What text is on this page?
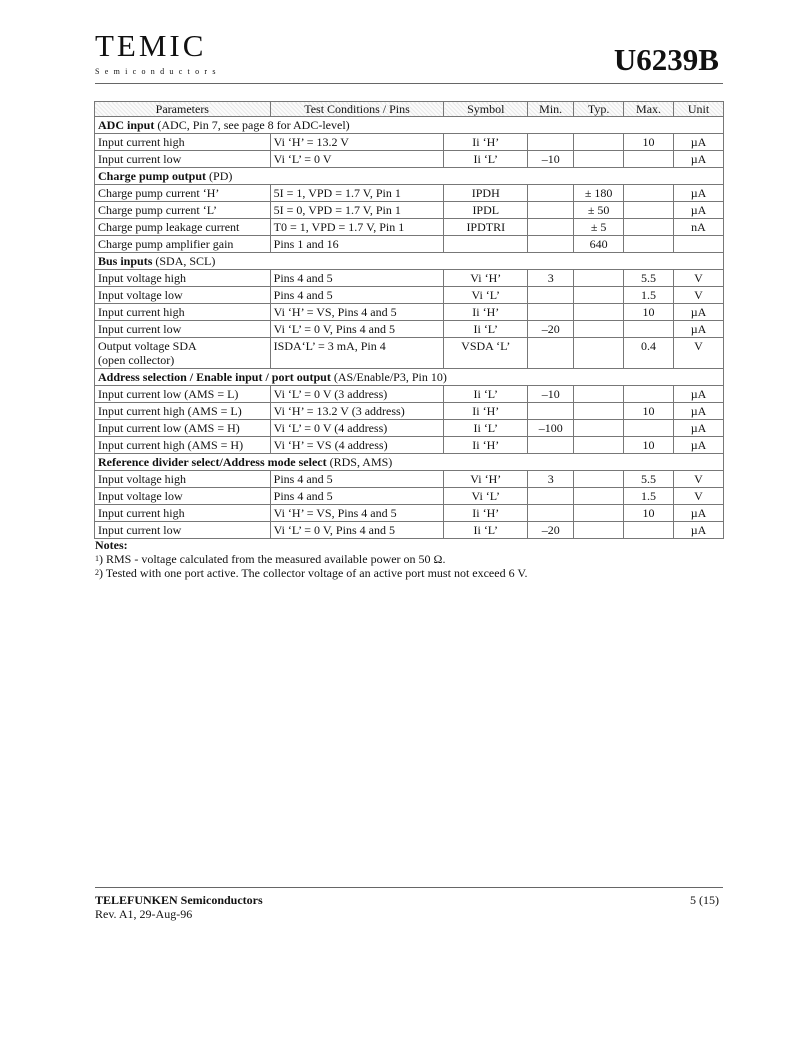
TEMIC
Semiconductors	U6239B
Parameters	Test Conditions / Pins	Symbol	Min.	Typ.	Max.	Unit
ADC input (ADC, Pin 7, see page 8 for ADC-level)						
Input current high	Vi ‘H’ = 13.2 V	Ii ‘H’			10	µA
Input current low	Vi ‘L’ = 0 V	Ii ‘L’	–10			µA
Charge pump output (PD)						
Charge pump current ‘H’	5I = 1, VPD = 1.7 V, Pin 1	IPDH		± 180		µA
Charge pump current ‘L’	5I = 0, VPD = 1.7 V, Pin 1	IPDL		± 50		µA
Charge pump leakage current	T0 = 1, VPD = 1.7 V, Pin 1	IPDTRI		± 5		nA
Charge pump amplifier gain	Pins 1 and 16			640		
Bus inputs (SDA, SCL)						
Input voltage high	Pins 4 and 5	Vi ‘H’	3		5.5	V
Input voltage low	Pins 4 and 5	Vi ‘L’			1.5	V
Input current high	Vi ‘H’ = VS, Pins 4 and 5	Ii ‘H’			10	µA
Input current low	Vi ‘L’ = 0 V, Pins 4 and 5	Ii ‘L’	–20			µA
Output voltage SDA
(open collector)	ISDA‘L’ = 3 mA, Pin 4	VSDA ‘L’			0.4	V
Address selection / Enable input / port output (AS/Enable/P3, Pin 10)						
Input current low (AMS = L)	Vi ‘L’ = 0 V (3 address)	Ii ‘L’	–10			µA
Input current high (AMS = L)	Vi ‘H’ = 13.2 V (3 address)	Ii ‘H’			10	µA
Input current low (AMS = H)	Vi ‘L’ = 0 V (4 address)	Ii ‘L’	–100			µA
Input current high (AMS = H)	Vi ‘H’ = VS (4 address)	Ii ‘H’			10	µA
Reference divider select/Address mode select (RDS, AMS)						
Input voltage high	Pins 4 and 5	Vi ‘H’	3		5.5	V
Input voltage low	Pins 4 and 5	Vi ‘L’			1.5	V
Input current high	Vi ‘H’ = VS, Pins 4 and 5	Ii ‘H’			10	µA
Input current low	Vi ‘L’ = 0 V, Pins 4 and 5	Ii ‘L’	–20			µA
Notes:
$^1$) RMS - voltage calculated from the measured available power on 50 Ω.
$^2$) Tested with one port active. The collector voltage of an active port must not exceed 6 V.
TELEFUNKEN Semiconductors
Rev. A1, 29-Aug-96
5 (15)
